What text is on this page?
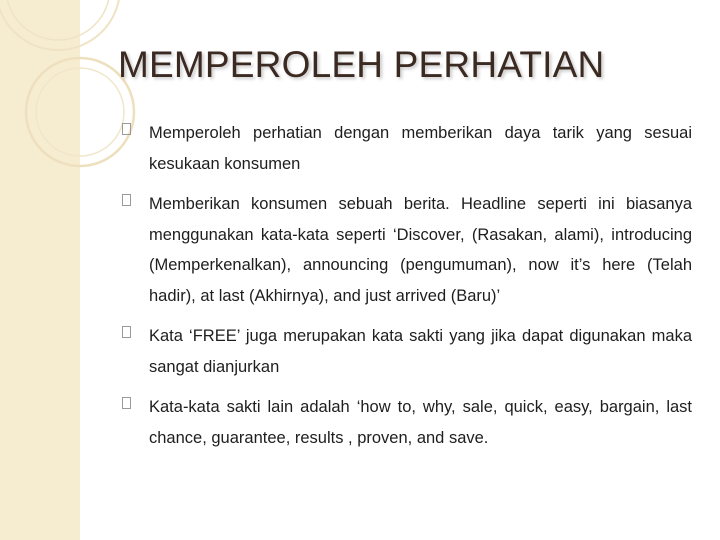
MEMPEROLEH PERHATIAN

Memperoleh perhatian dengan memberikan daya tarik yang sesuai kesukaan konsumen

Memberikan konsumen sebuah berita. Headline seperti ini biasanya menggunakan kata-kata seperti ‘Discover, (Rasakan, alami), introducing (Memperkenalkan), announcing (pengumuman), now it’s here (Telah hadir), at last (Akhirnya), and just arrived (Baru)’

Kata ‘FREE’ juga merupakan kata sakti yang jika dapat digunakan maka sangat dianjurkan

Kata-kata sakti lain adalah ‘how to, why, sale, quick, easy, bargain, last chance, guarantee, results , proven, and save.
